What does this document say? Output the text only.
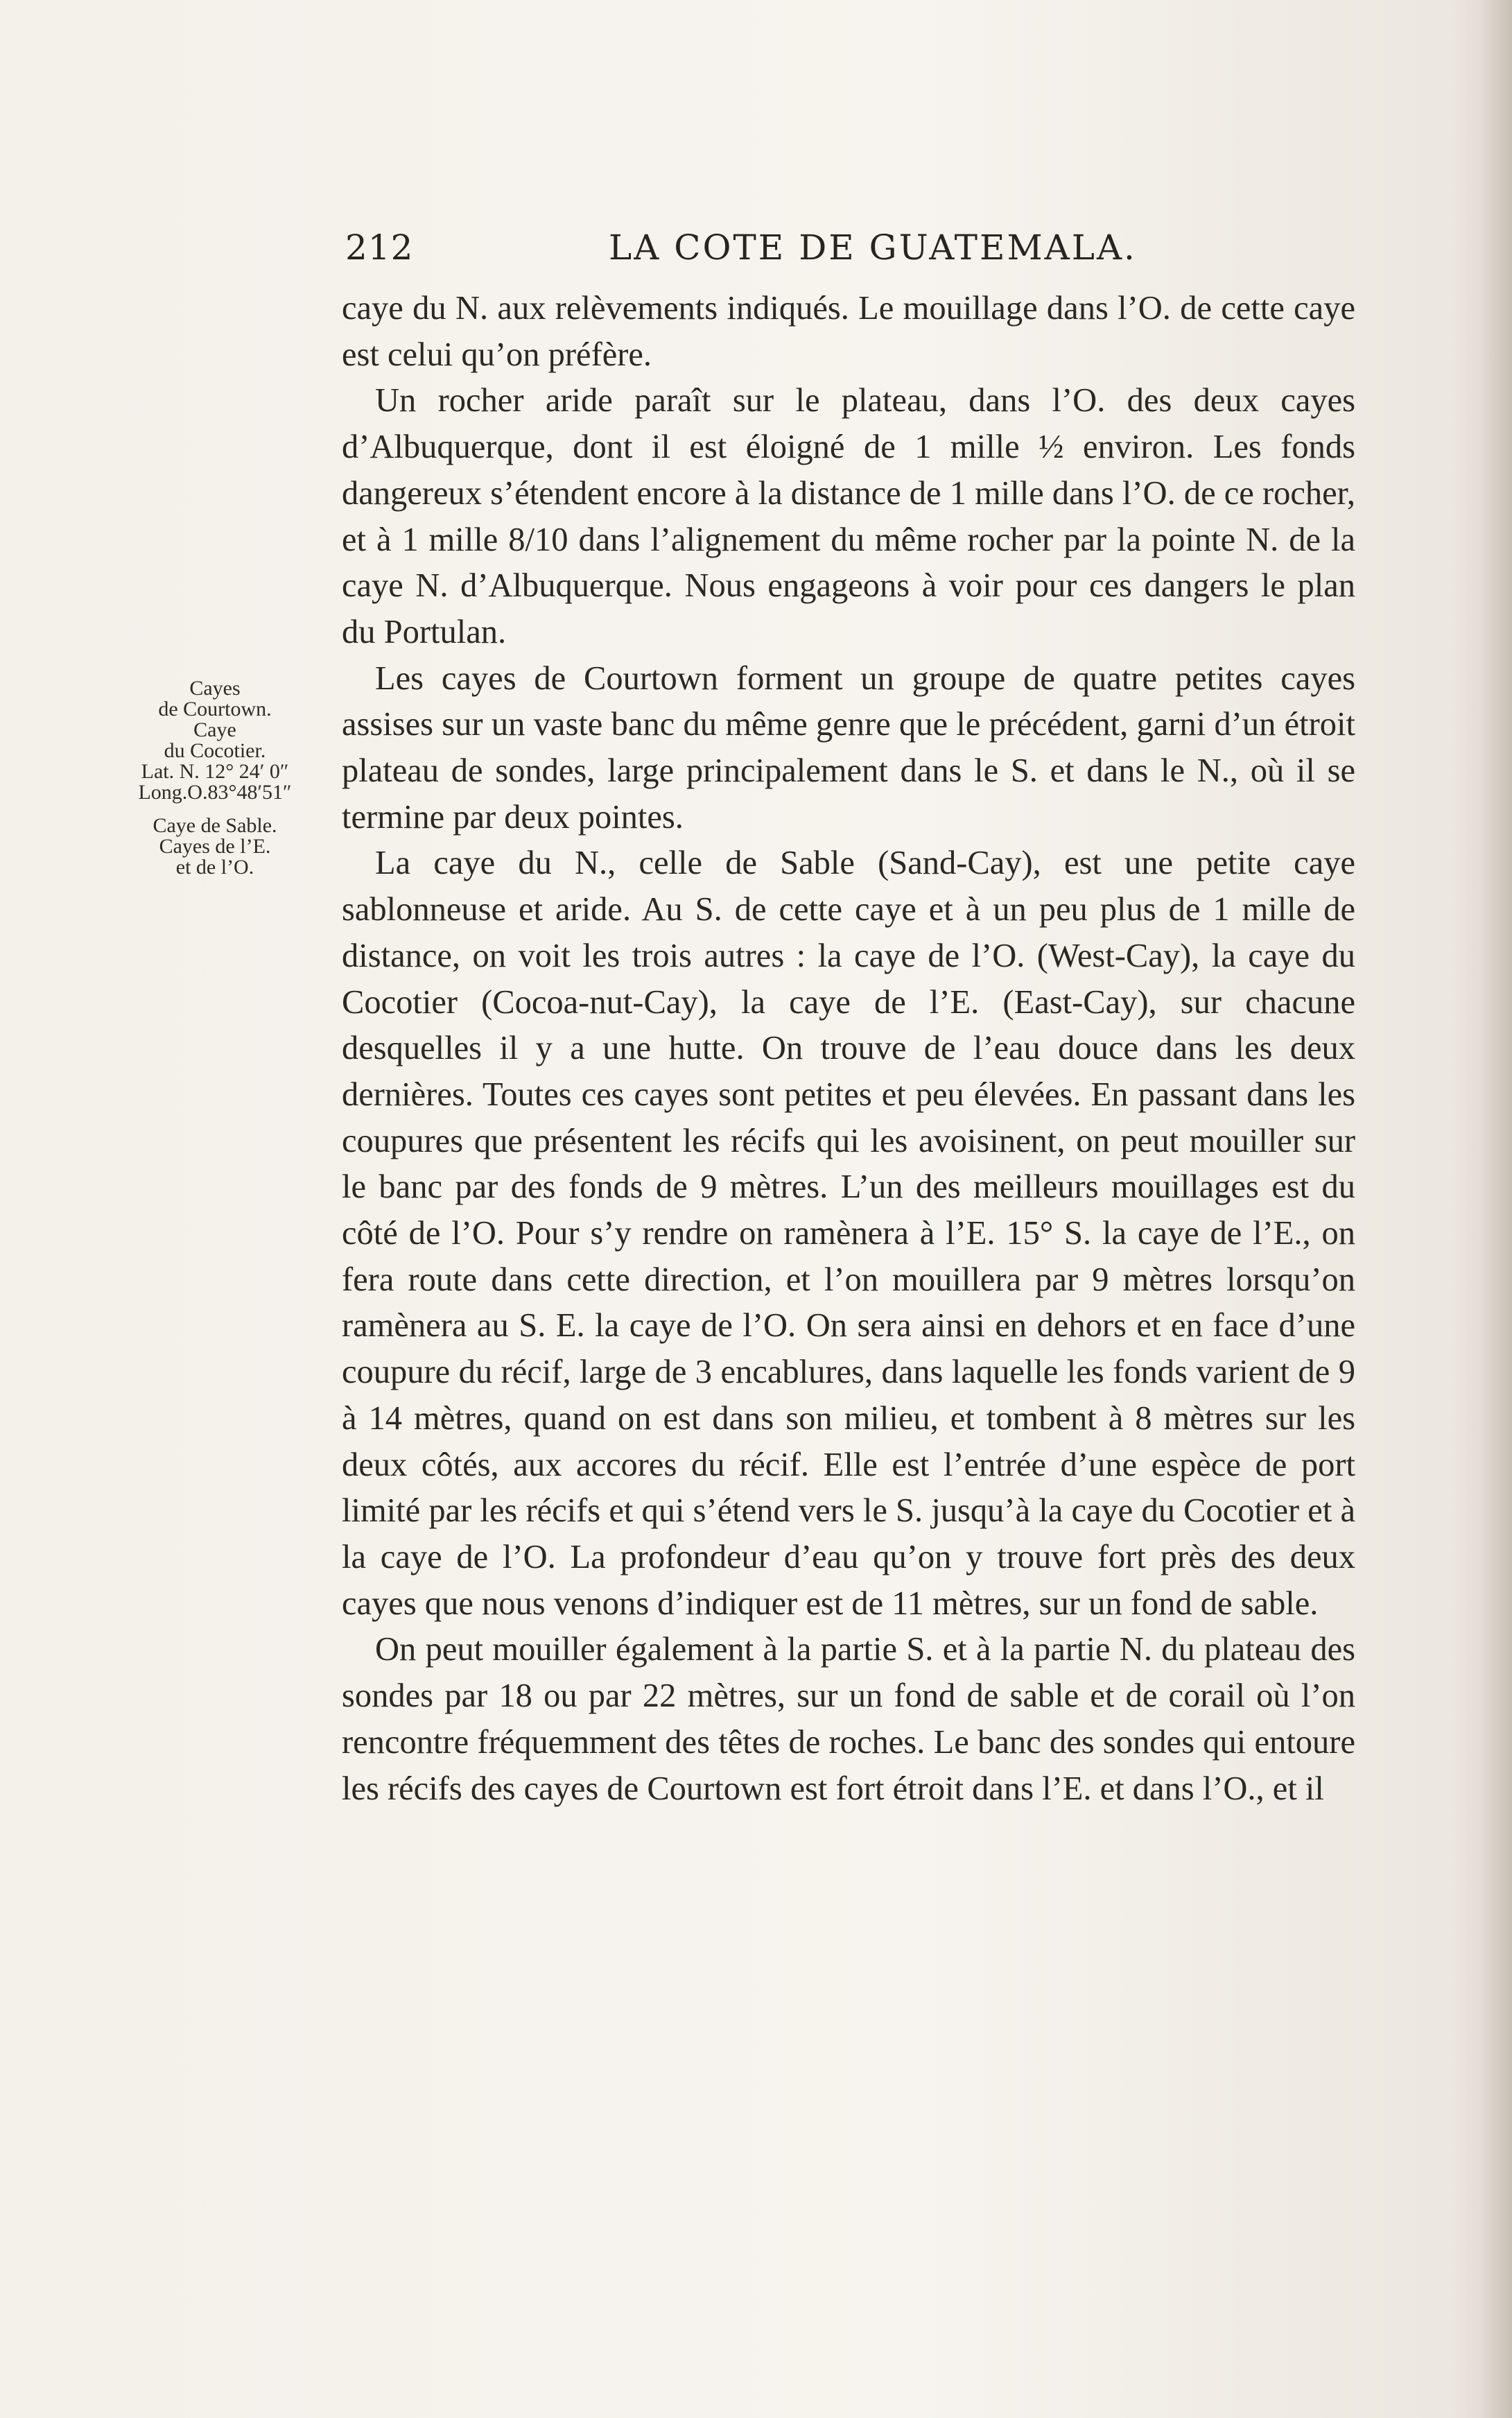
212	LA COTE DE GUATEMALA.
Cayes
de Courtown.
Caye
du Cocotier.
Lat. N. 12° 24′ 0″
Long.O.83°48′51″
Caye de Sable.
Cayes de l’E.
et de l’O.

caye du N. aux relèvements indiqués. Le mouillage dans l’O. de cette caye est celui qu’on préfère.

Un rocher aride paraît sur le plateau, dans l’O. des deux cayes d’Albuquerque, dont il est éloigné de 1 mille ½ environ. Les fonds dangereux s’étendent encore à la distance de 1 mille dans l’O. de ce rocher, et à 1 mille 8/10 dans l’alignement du même rocher par la pointe N. de la caye N. d’Albuquerque. Nous engageons à voir pour ces dangers le plan du Portulan.

Les cayes de Courtown forment un groupe de quatre petites cayes assises sur un vaste banc du même genre que le précédent, garni d’un étroit plateau de sondes, large principalement dans le S. et dans le N., où il se termine par deux pointes.

La caye du N., celle de Sable (Sand-Cay), est une petite caye sablonneuse et aride. Au S. de cette caye et à un peu plus de 1 mille de distance, on voit les trois autres : la caye de l’O. (West-Cay), la caye du Cocotier (Cocoa-nut-Cay), la caye de l’E. (East-Cay), sur chacune desquelles il y a une hutte. On trouve de l’eau douce dans les deux dernières. Toutes ces cayes sont petites et peu élevées. En passant dans les coupures que présentent les récifs qui les avoisinent, on peut mouiller sur le banc par des fonds de 9 mètres. L’un des meilleurs mouillages est du côté de l’O. Pour s’y rendre on ramènera à l’E. 15° S. la caye de l’E., on fera route dans cette direction, et l’on mouillera par 9 mètres lorsqu’on ramènera au S. E. la caye de l’O. On sera ainsi en dehors et en face d’une coupure du récif, large de 3 encablures, dans laquelle les fonds varient de 9 à 14 mètres, quand on est dans son milieu, et tombent à 8 mètres sur les deux côtés, aux accores du récif. Elle est l’entrée d’une espèce de port limité par les récifs et qui s’étend vers le S. jusqu’à la caye du Cocotier et à la caye de l’O. La profondeur d’eau qu’on y trouve fort près des deux cayes que nous venons d’indiquer est de 11 mètres, sur un fond de sable.

On peut mouiller également à la partie S. et à la partie N. du plateau des sondes par 18 ou par 22 mètres, sur un fond de sable et de corail où l’on rencontre fréquemment des têtes de roches. Le banc des sondes qui entoure les récifs des cayes de Courtown est fort étroit dans l’E. et dans l’O., et il
